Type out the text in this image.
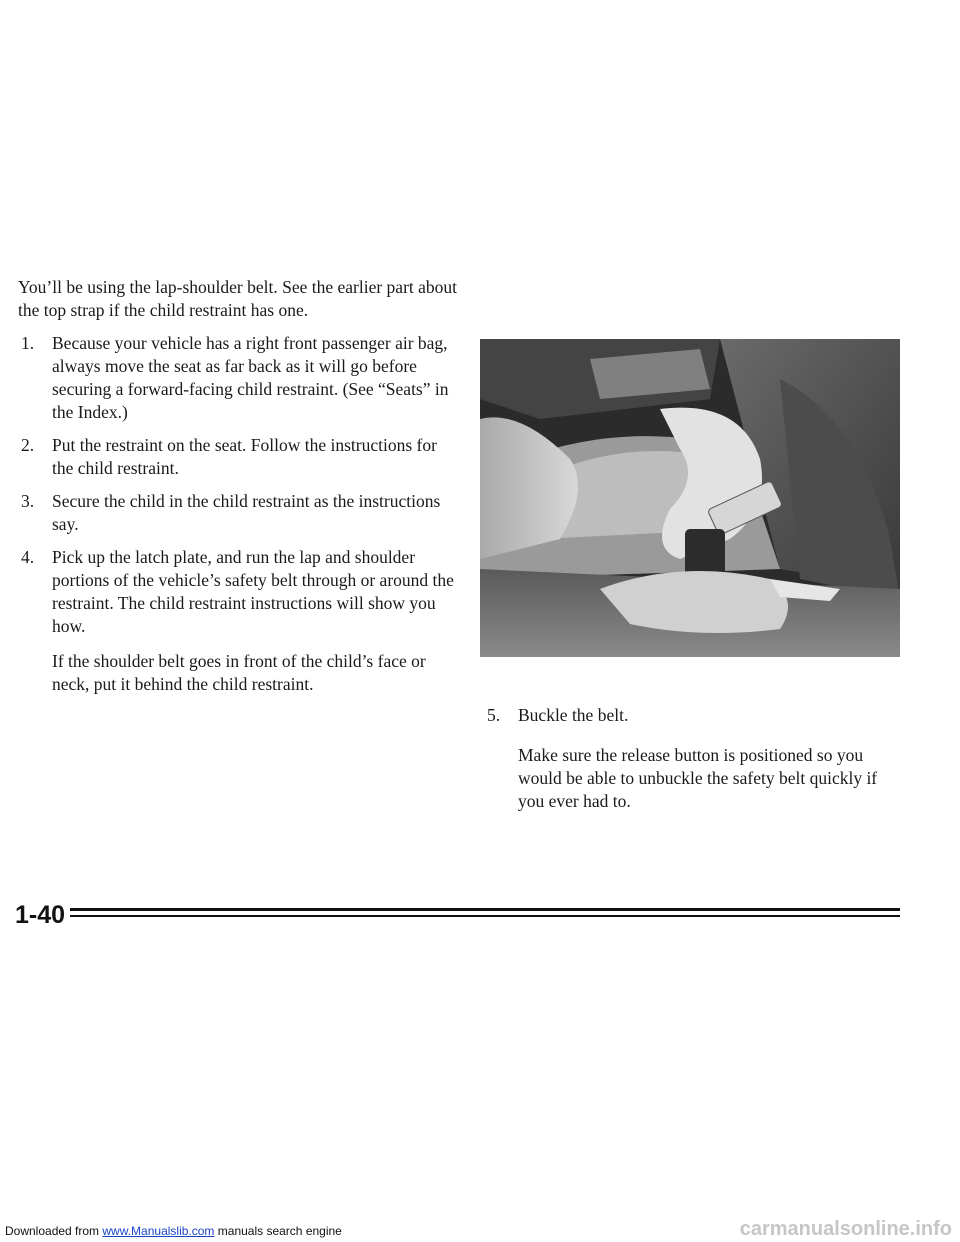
You’ll be using the lap-shoulder belt. See the earlier part about the top strap if the child restraint has one.

1. Because your vehicle has a right front passenger air bag, always move the seat as far back as it will go before securing a forward-facing child restraint. (See “Seats” in the Index.)

2. Put the restraint on the seat. Follow the instructions for the child restraint.

3. Secure the child in the child restraint as the instructions say.

4. Pick up the latch plate, and run the lap and shoulder portions of the vehicle’s safety belt through or around the restraint. The child restraint instructions will show you how.

If the shoulder belt goes in front of the child’s face or neck, put it behind the child restraint.

5. Buckle the belt.

Make sure the release button is positioned so you would be able to unbuckle the safety belt quickly if you ever had to.

1-40
Downloaded from www.Manualslib.com manuals search engine	carmanualsonline.info
